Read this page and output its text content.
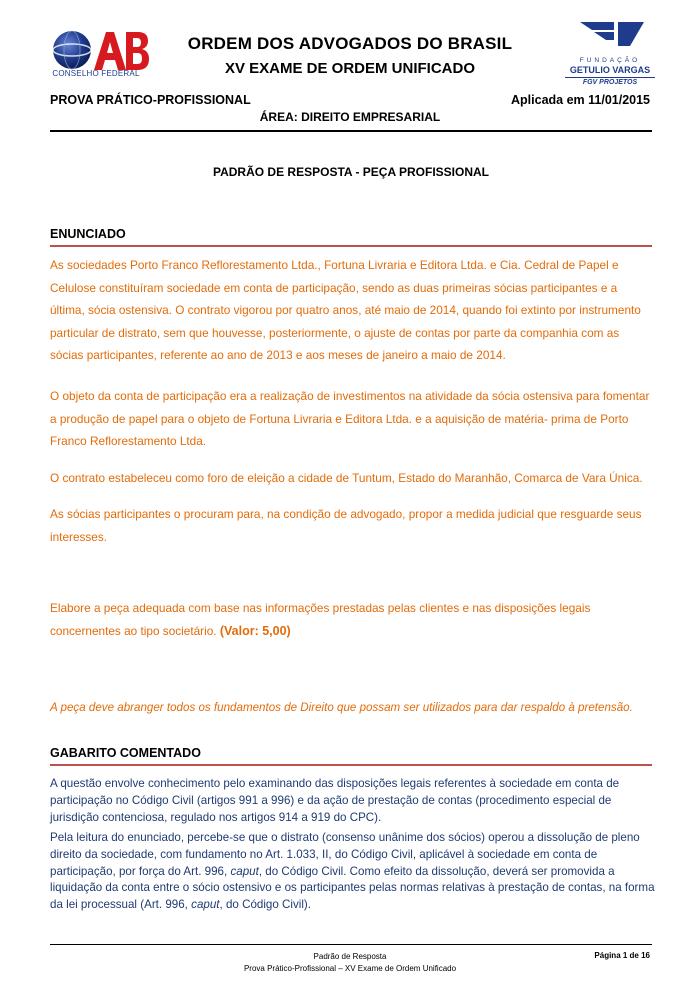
CONSELHO FEDERAL
ORDEM DOS ADVOGADOS DO BRASIL
XV EXAME DE ORDEM UNIFICADO	FUNDAÇÃO
GETULIO VARGAS
FGV PROJETOS
PROVA PRÁTICO-PROFISSIONAL	Aplicada em 11/01/2015
ÁREA: DIREITO EMPRESARIAL
PADRÃO DE RESPOSTA - PEÇA PROFISSIONAL
ENUNCIADO
As sociedades Porto Franco Reflorestamento Ltda., Fortuna Livraria e Editora Ltda. e Cia. Cedral de Papel e Celulose constituíram sociedade em conta de participação, sendo as duas primeiras sócias participantes e a última, sócia ostensiva. O contrato vigorou por quatro anos, até maio de 2014, quando foi extinto por instrumento particular de distrato, sem que houvesse, posteriormente, o ajuste de contas por parte da companhia com as sócias participantes, referente ao ano de 2013 e aos meses de janeiro a maio de 2014.
O objeto da conta de participação era a realização de investimentos na atividade da sócia ostensiva para fomentar a produção de papel para o objeto de Fortuna Livraria e Editora Ltda. e a aquisição de matéria- prima de Porto Franco Reflorestamento Ltda.
O contrato estabeleceu como foro de eleição a cidade de Tuntum, Estado do Maranhão, Comarca de Vara Única.
As sócias participantes o procuram para, na condição de advogado, propor a medida judicial que resguarde seus interesses.
Elabore a peça adequada com base nas informações prestadas pelas clientes e nas disposições legais concernentes ao tipo societário. (Valor: 5,00)
A peça deve abranger todos os fundamentos de Direito que possam ser utilizados para dar respaldo à pretensão.
GABARITO COMENTADO
A questão envolve conhecimento pelo examinando das disposições legais referentes à sociedade em conta de participação no Código Civil (artigos 991 a 996) e da ação de prestação de contas (procedimento especial de jurisdição contenciosa, regulado nos artigos 914 a 919 do CPC).
Pela leitura do enunciado, percebe-se que o distrato (consenso unânime dos sócios) operou a dissolução de pleno direito da sociedade, com fundamento no Art. 1.033, II, do Código Civil, aplicável à sociedade em conta de participação, por força do Art. 996, caput, do Código Civil. Como efeito da dissolução, deverá ser promovida a liquidação da conta entre o sócio ostensivo e os participantes pelas normas relativas à prestação de contas, na forma da lei processual (Art. 996, caput, do Código Civil).
Padrão de Resposta
Prova Prático-Profissional – XV Exame de Ordem Unificado
Página 1 de 16
